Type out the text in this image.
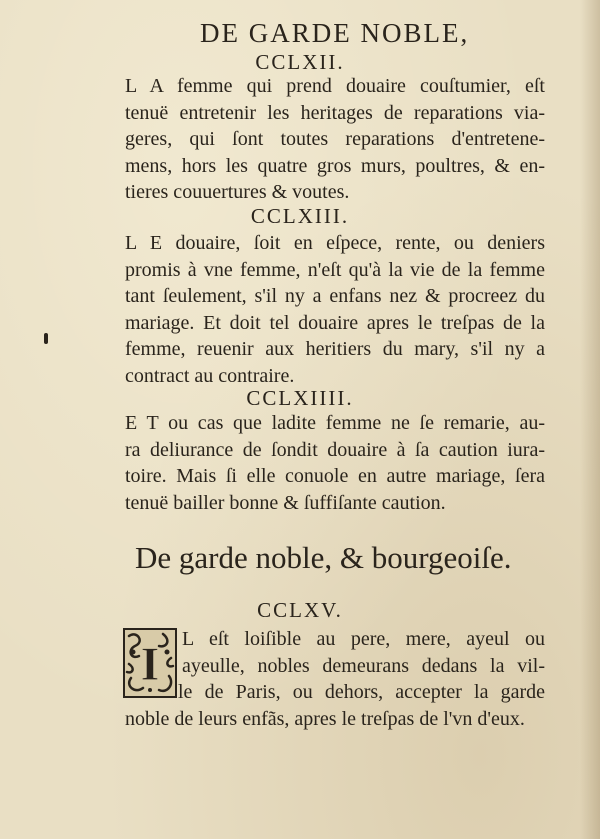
DE GARDE NOBLE,
CCLXII.
L A femme qui prend douaire couſtumier, eſt
tenuë entretenir les heritages de reparations via-
geres, qui ſont toutes reparations d'entretene-
mens, hors les quatre gros murs, poultres, & en-
tieres couuertures & voutes.
CCLXIII.
L E douaire, ſoit en eſpece, rente, ou deniers
promis à vne femme, n'eſt qu'à la vie de la femme
tant ſeulement, s'il ny a enfans nez & procreez du
mariage. Et doit tel douaire apres le treſpas de la
femme, reuenir aux heritiers du mary, s'il ny a
contract au contraire.
CCLXIIII.
E T ou cas que ladite femme ne ſe remarie, au-
ra deliurance de ſondit douaire à ſa caution iura-
toire. Mais ſi elle conuole en autre mariage, ſera
tenuë bailler bonne & ſuffiſante caution.
De garde noble, & bourgeoiſe.
CCLXV.
I L eſt loiſible au pere, mere, ayeul ou
ayeulle, nobles demeurans dedans la vil-
le de Paris, ou dehors, accepter la garde
noble de leurs enfãs, apres le treſpas de l'vn d'eux.
